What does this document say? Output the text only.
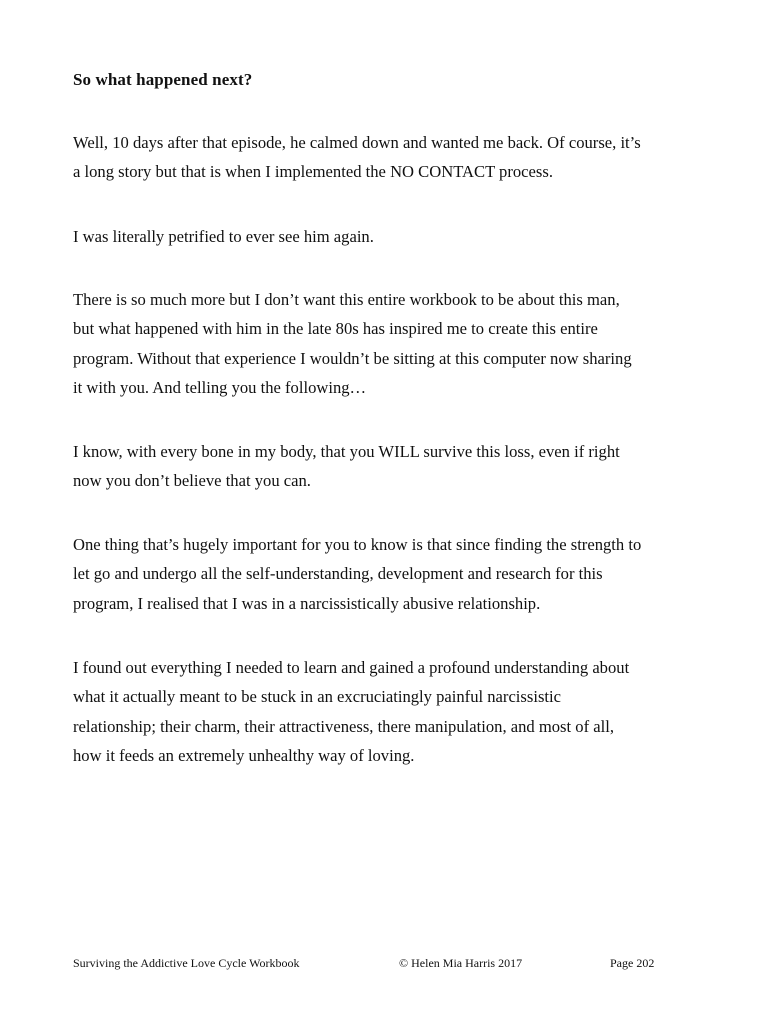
So what happened next?

Well, 10 days after that episode, he calmed down and wanted me back. Of course, it’s
a long story but that is when I implemented the NO CONTACT process.

I was literally petrified to ever see him again.

There is so much more but I don’t want this entire workbook to be about this man,
but what happened with him in the late 80s has inspired me to create this entire
program. Without that experience I wouldn’t be sitting at this computer now sharing
it with you. And telling you the following…

I know, with every bone in my body, that you WILL survive this loss, even if right
now you don’t believe that you can.

One thing that’s hugely important for you to know is that since finding the strength to
let go and undergo all the self-understanding, development and research for this
program, I realised that I was in a narcissistically abusive relationship.

I found out everything I needed to learn and gained a profound understanding about
what it actually meant to be stuck in an excruciatingly painful narcissistic
relationship; their charm, their attractiveness, there manipulation, and most of all,
how it feeds an extremely unhealthy way of loving.

Surviving the Addictive Love Cycle Workbook	© Helen Mia Harris 2017	Page 202
